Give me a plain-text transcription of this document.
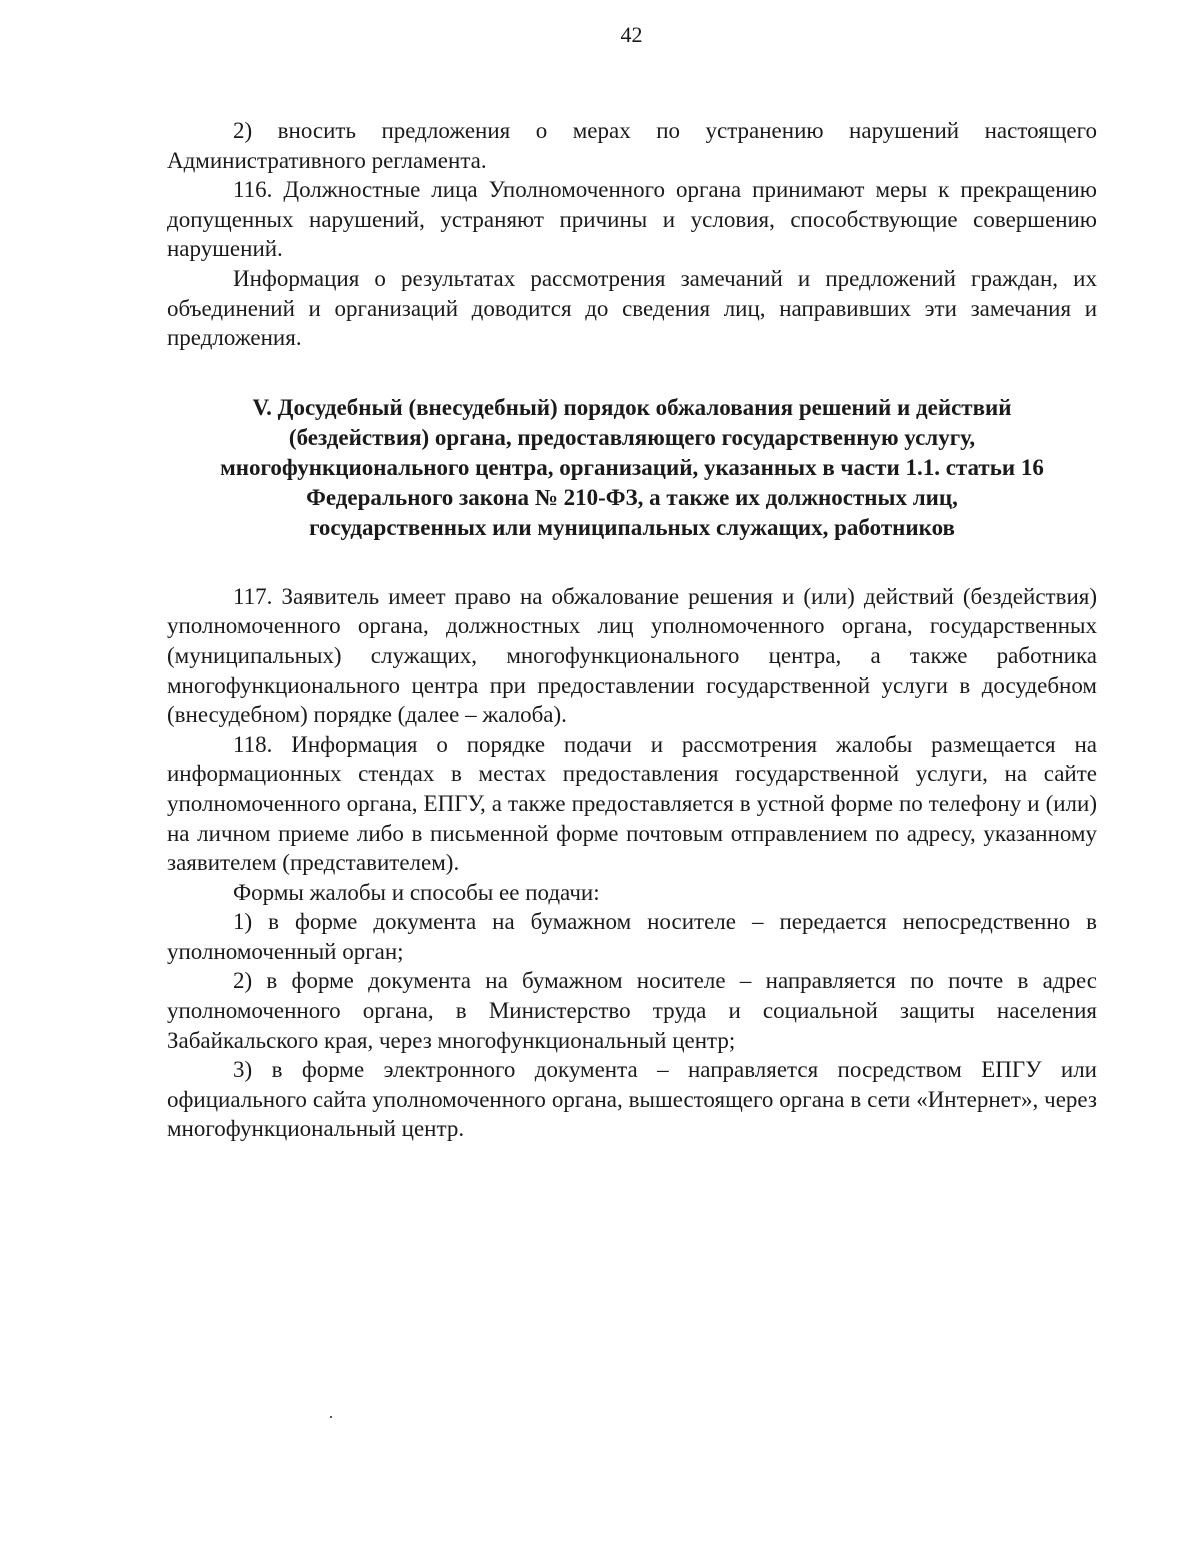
42

2) вносить предложения о мерах по устранению нарушений настоящего Административного регламента.

116. Должностные лица Уполномоченного органа принимают меры к прекращению допущенных нарушений, устраняют причины и условия, способствующие совершению нарушений.

Информация о результатах рассмотрения замечаний и предложений граждан, их объединений и организаций доводится до сведения лиц, направивших эти замечания и предложения.

V. Досудебный (внесудебный) порядок обжалования решений и действий
(бездействия) органа, предоставляющего государственную услугу,
многофункционального центра, организаций, указанных в части 1.1. статьи 16
Федерального закона № 210-ФЗ, а также их должностных лиц,
государственных или муниципальных служащих, работников

117. Заявитель имеет право на обжалование решения и (или) действий (бездействия) уполномоченного органа, должностных лиц уполномоченного органа, государственных (муниципальных) служащих, многофункционального центра, а также работника многофункционального центра при предоставлении государственной услуги в досудебном (внесудебном) порядке (далее – жалоба).

118. Информация о порядке подачи и рассмотрения жалобы размещается на информационных стендах в местах предоставления государственной услуги, на сайте уполномоченного органа, ЕПГУ, а также предоставляется в устной форме по телефону и (или) на личном приеме либо в письменной форме почтовым отправлением по адресу, указанному заявителем (представителем).

Формы жалобы и способы ее подачи:

1) в форме документа на бумажном носителе – передается непосредственно в уполномоченный орган;

2) в форме документа на бумажном носителе – направляется по почте в адрес уполномоченного органа, в Министерство труда и социальной защиты населения Забайкальского края, через многофункциональный центр;

3) в форме электронного документа – направляется посредством ЕПГУ или официального сайта уполномоченного органа, вышестоящего органа в сети «Интернет», через многофункциональный центр.
